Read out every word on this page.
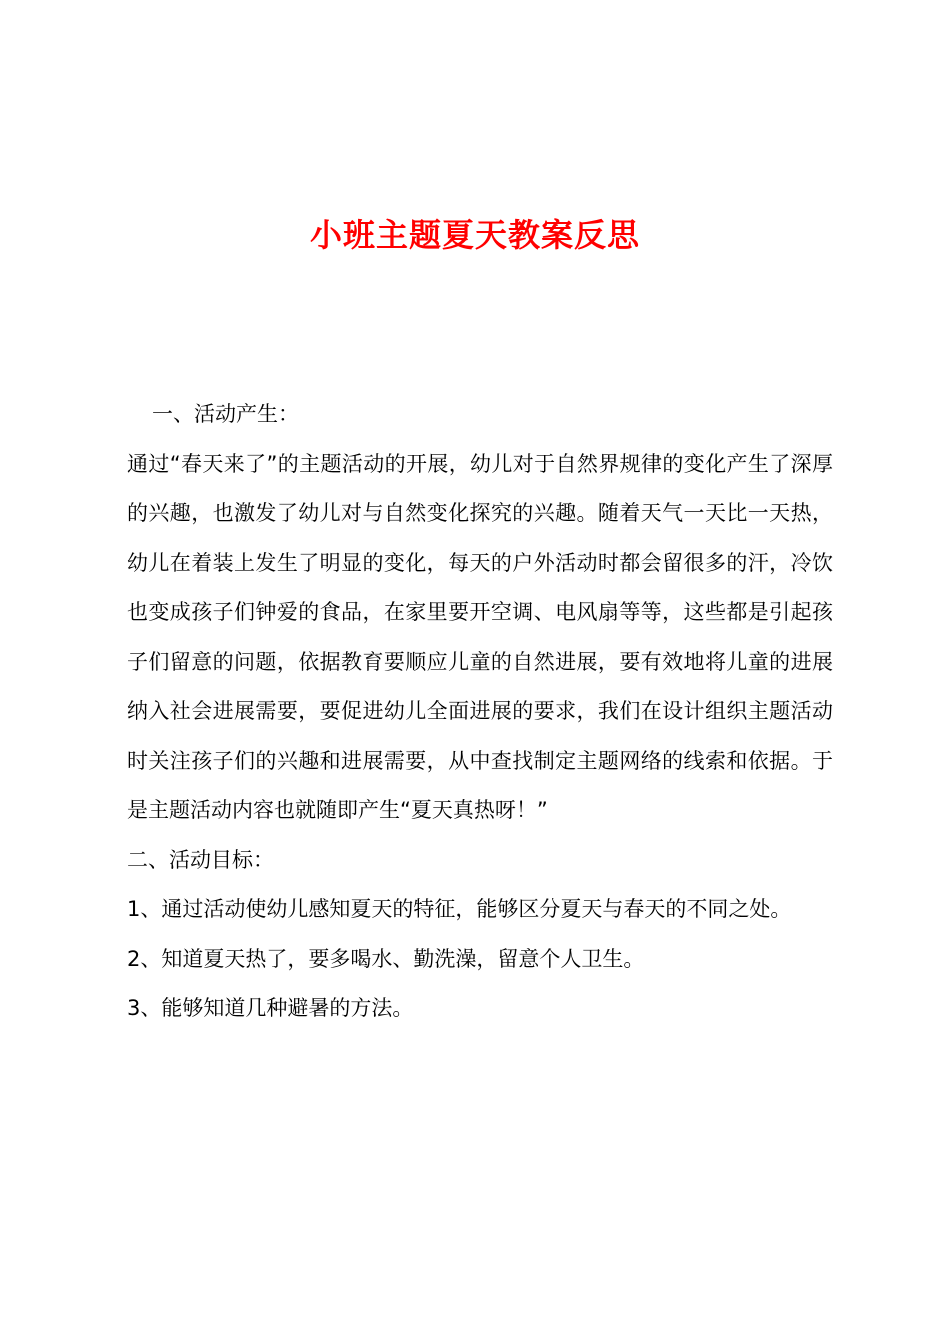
小班主题夏天教案反思

一、活动产生：

通过“春天来了”的主题活动的开展，幼儿对于自然界规律的变化产生了深厚的兴趣，也激发了幼儿对与自然变化探究的兴趣。随着天气一天比一天热，幼儿在着装上发生了明显的变化，每天的户外活动时都会留很多的汗，冷饮也变成孩子们钟爱的食品，在家里要开空调、电风扇等等，这些都是引起孩子们留意的问题，依据教育要顺应儿童的自然进展，要有效地将儿童的进展纳入社会进展需要，要促进幼儿全面进展的要求，我们在设计组织主题活动时关注孩子们的兴趣和进展需要，从中查找制定主题网络的线索和依据。于是主题活动内容也就随即产生“夏天真热呀！”

二、活动目标：

1、通过活动使幼儿感知夏天的特征，能够区分夏天与春天的不同之处。

2、知道夏天热了，要多喝水、勤洗澡，留意个人卫生。

3、能够知道几种避暑的方法。
